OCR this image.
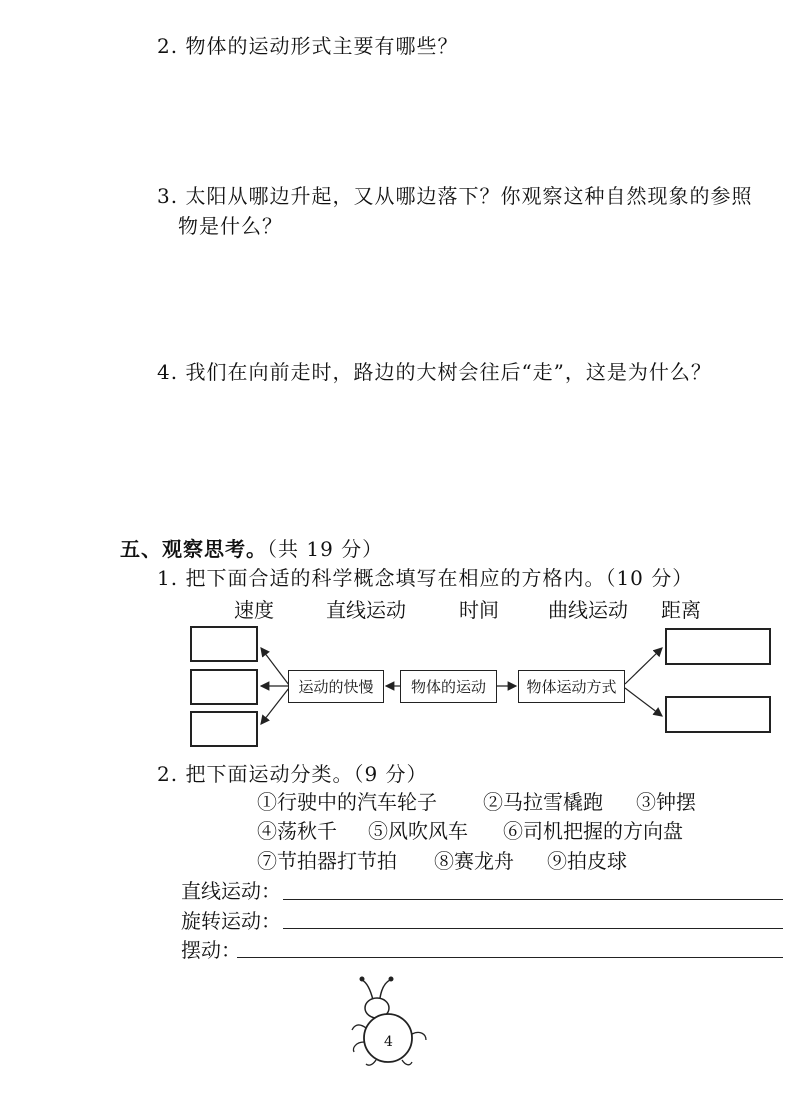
2. 物体的运动形式主要有哪些？
3. 太阳从哪边升起，又从哪边落下？你观察这种自然现象的参照
物是什么？
4. 我们在向前走时，路边的大树会往后“走”，这是为什么？
五、观察思考。（共 19 分）
1. 把下面合适的科学概念填写在相应的方格内。（10 分）
速度	直线运动	时间 曲线运动 距离
运动的快慢	物体的运动	物体运动方式
2. 把下面运动分类。（9 分）
①行驶中的汽车轮子 ②马拉雪橇跑 ③钟摆
④荡秋千 ⑤风吹风车 ⑥司机把握的方向盘
⑦节拍器打节拍 ⑧赛龙舟 ⑨拍皮球
直线运动：
旋转运动：
摆动：
4
